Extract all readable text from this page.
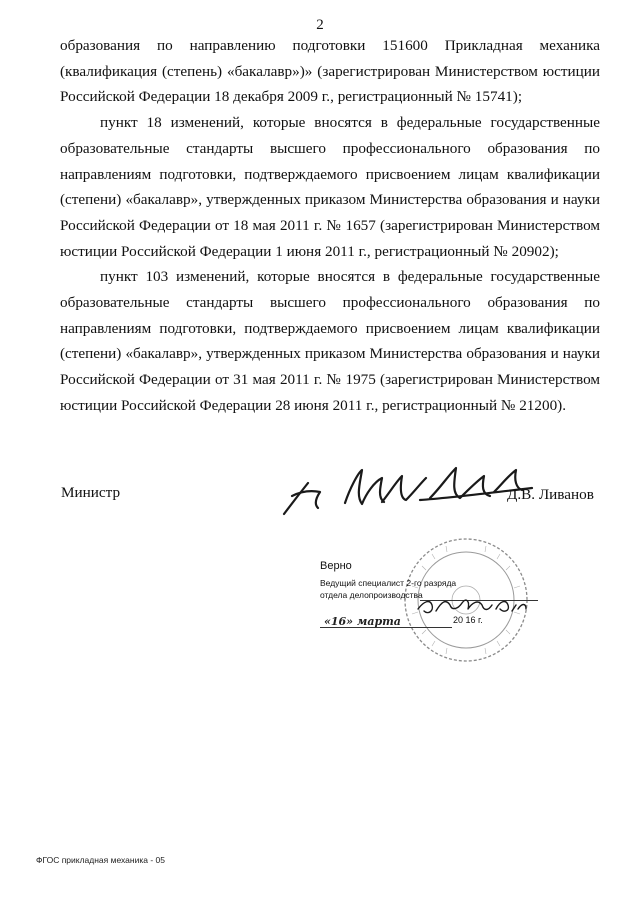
2

образования по направлению подготовки 151600 Прикладная механика (квалификация (степень) «бакалавр»)» (зарегистрирован Министерством юстиции Российской Федерации 18 декабря 2009 г., регистрационный № 15741);

пункт 18 изменений, которые вносятся в федеральные государственные образовательные стандарты высшего профессионального образования по направлениям подготовки, подтверждаемого присвоением лицам квалификации (степени) «бакалавр», утвержденных приказом Министерства образования и науки Российской Федерации от 18 мая 2011 г. № 1657 (зарегистрирован Министерством юстиции Российской Федерации 1 июня 2011 г., регистрационный № 20902);

пункт 103 изменений, которые вносятся в федеральные государственные образовательные стандарты высшего профессионального образования по направлениям подготовки, подтверждаемого присвоением лицам квалификации (степени) «бакалавр», утвержденных приказом Министерства образования и науки Российской Федерации от 31 мая 2011 г. № 1975 (зарегистрирован Министерством юстиции Российской Федерации 28 июня 2011 г., регистрационный № 21200).

Министр	Д.В. Ливанов
Верно
Ведущий специалист 2-го разряда
отдела делопроизводства
«16» марта	20 16 г.
ФГОС прикладная механика - 05
